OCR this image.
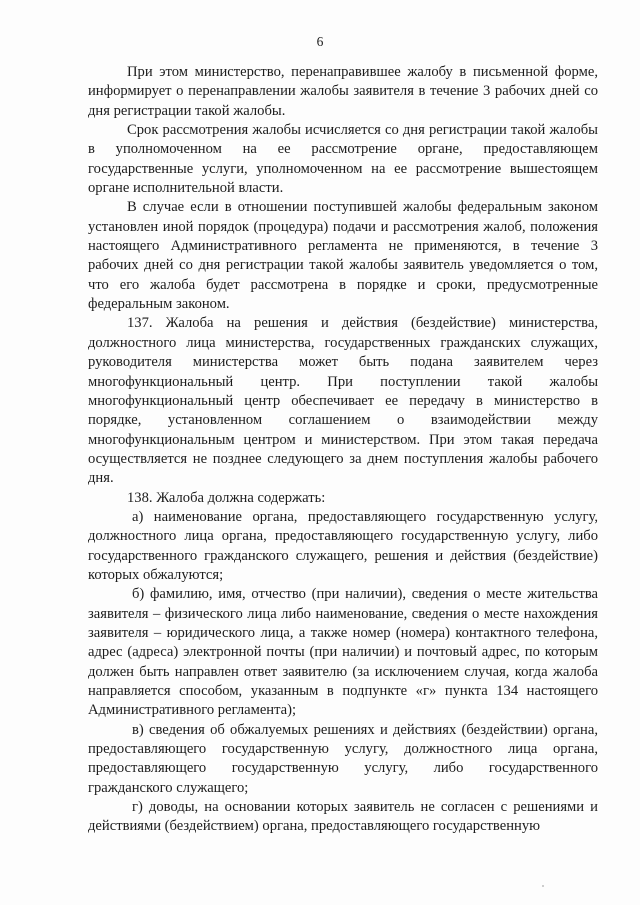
6

При этом министерство, перенаправившее жалобу в письменной форме, информирует о перенаправлении жалобы заявителя в течение 3 рабочих дней со дня регистрации такой жалобы.

Срок рассмотрения жалобы исчисляется со дня регистрации такой жалобы в уполномоченном на ее рассмотрение органе, предоставляющем государственные услуги, уполномоченном на ее рассмотрение вышестоящем органе исполнительной власти.

В случае если в отношении поступившей жалобы федеральным законом установлен иной порядок (процедура) подачи и рассмотрения жалоб, положения настоящего Административного регламента не применяются, в течение 3 рабочих дней со дня регистрации такой жалобы заявитель уведомляется о том, что его жалоба будет рассмотрена в порядке и сроки, предусмотренные федеральным законом.

137. Жалоба на решения и действия (бездействие) министерства, должностного лица министерства, государственных гражданских служащих, руководителя министерства может быть подана заявителем через многофункциональный центр. При поступлении такой жалобы многофункциональный центр обеспечивает ее передачу в министерство в порядке, установленном соглашением о взаимодействии между многофункциональным центром и министерством. При этом такая передача осуществляется не позднее следующего за днем поступления жалобы рабочего дня.

138. Жалоба должна содержать:

а) наименование органа, предоставляющего государственную услугу, должностного лица органа, предоставляющего государственную услугу, либо государственного гражданского служащего, решения и действия (бездействие) которых обжалуются;

б) фамилию, имя, отчество (при наличии), сведения о месте жительства заявителя – физического лица либо наименование, сведения о месте нахождения заявителя – юридического лица, а также номер (номера) контактного телефона, адрес (адреса) электронной почты (при наличии) и почтовый адрес, по которым должен быть направлен ответ заявителю (за исключением случая, когда жалоба направляется способом, указанным в подпункте «г» пункта 134 настоящего Административного регламента);

в) сведения об обжалуемых решениях и действиях (бездействии) органа, предоставляющего государственную услугу, должностного лица органа, предоставляющего государственную услугу, либо государственного гражданского служащего;

г) доводы, на основании которых заявитель не согласен с решениями и действиями (бездействием) органа, предоставляющего государственную
